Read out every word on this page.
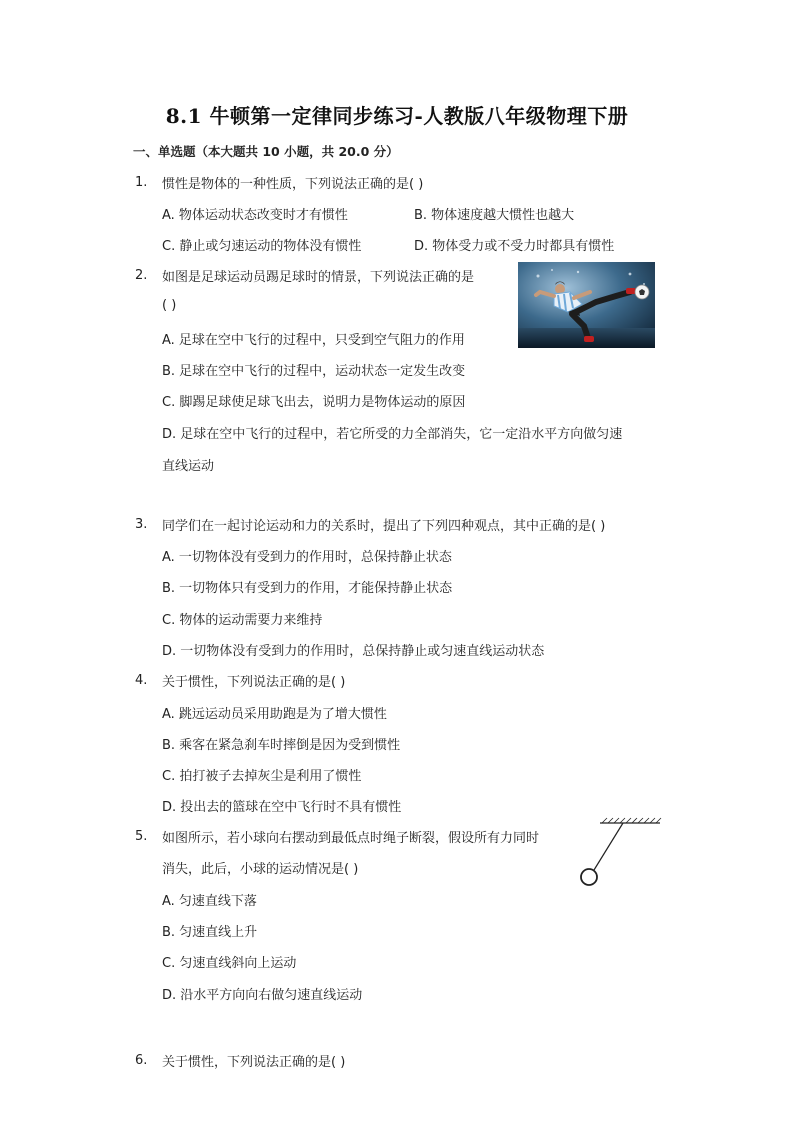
8.1 牛顿第一定律同步练习-人教版八年级物理下册
一、单选题（本大题共 10 小题，共 20.0 分）
1. 惯性是物体的一种性质，下列说法正确的是( )
A. 物体运动状态改变时才有惯性	B. 物体速度越大惯性也越大
C. 静止或匀速运动的物体没有惯性	D. 物体受力或不受力时都具有惯性
2. 如图是足球运动员踢足球时的情景，下列说法正确的是
( )
A. 足球在空中飞行的过程中，只受到空气阻力的作用
B. 足球在空中飞行的过程中，运动状态一定发生改变
C. 脚踢足球使足球飞出去，说明力是物体运动的原因
D. 足球在空中飞行的过程中，若它所受的力全部消失，它一定沿水平方向做匀速
直线运动
3. 同学们在一起讨论运动和力的关系时，提出了下列四种观点，其中正确的是( )
A. 一切物体没有受到力的作用时，总保持静止状态
B. 一切物体只有受到力的作用，才能保持静止状态
C. 物体的运动需要力来维持
D. 一切物体没有受到力的作用时，总保持静止或匀速直线运动状态
4. 关于惯性，下列说法正确的是( )
A. 跳远运动员采用助跑是为了增大惯性
B. 乘客在紧急刹车时摔倒是因为受到惯性
C. 拍打被子去掉灰尘是利用了惯性
D. 投出去的篮球在空中飞行时不具有惯性
5. 如图所示，若小球向右摆动到最低点时绳子断裂，假设所有力同时
消失，此后，小球的运动情况是( )
A. 匀速直线下落
B. 匀速直线上升
C. 匀速直线斜向上运动
D. 沿水平方向向右做匀速直线运动
6. 关于惯性，下列说法正确的是( )
